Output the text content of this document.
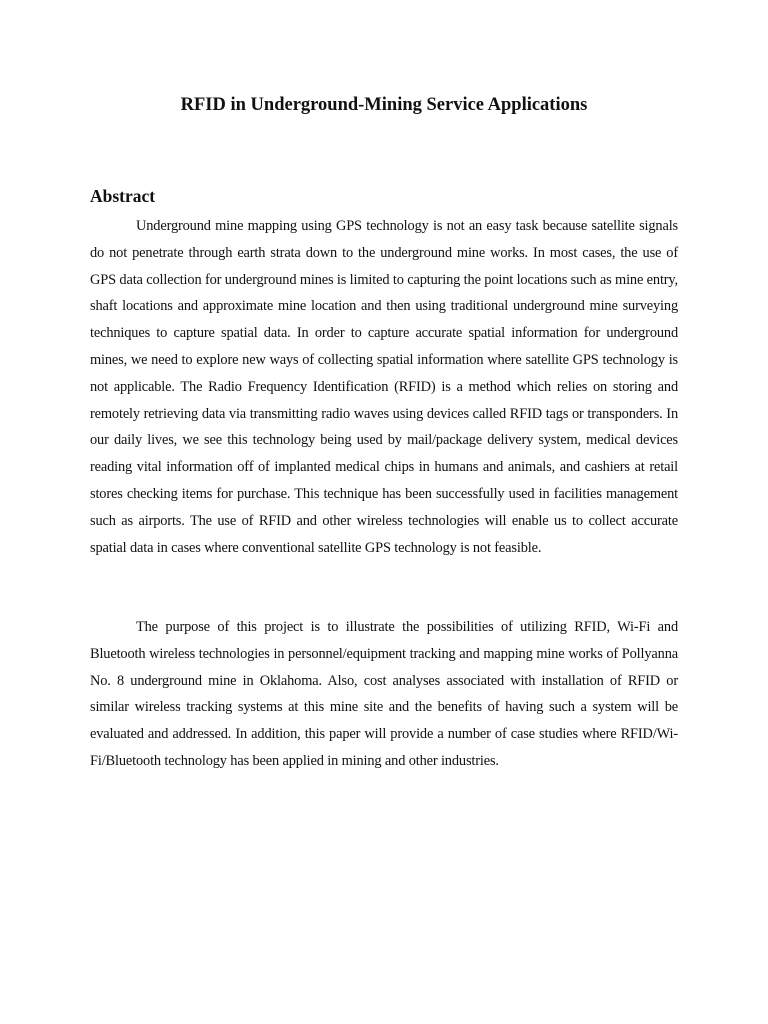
RFID in Underground-Mining Service Applications
Abstract

Underground mine mapping using GPS technology is not an easy task because satellite signals do not penetrate through earth strata down to the underground mine works. In most cases, the use of GPS data collection for underground mines is limited to capturing the point locations such as mine entry, shaft locations and approximate mine location and then using traditional underground mine surveying techniques to capture spatial data. In order to capture accurate spatial information for underground mines, we need to explore new ways of collecting spatial information where satellite GPS technology is not applicable. The Radio Frequency Identification (RFID) is a method which relies on storing and remotely retrieving data via transmitting radio waves using devices called RFID tags or transponders. In our daily lives, we see this technology being used by mail/package delivery system, medical devices reading vital information off of implanted medical chips in humans and animals, and cashiers at retail stores checking items for purchase. This technique has been successfully used in facilities management such as airports. The use of RFID and other wireless technologies will enable us to collect accurate spatial data in cases where conventional satellite GPS technology is not feasible.

The purpose of this project is to illustrate the possibilities of utilizing RFID, Wi-Fi and Bluetooth wireless technologies in personnel/equipment tracking and mapping mine works of Pollyanna No. 8 underground mine in Oklahoma. Also, cost analyses associated with installation of RFID or similar wireless tracking systems at this mine site and the benefits of having such a system will be evaluated and addressed. In addition, this paper will provide a number of case studies where RFID/Wi-Fi/Bluetooth technology has been applied in mining and other industries.
